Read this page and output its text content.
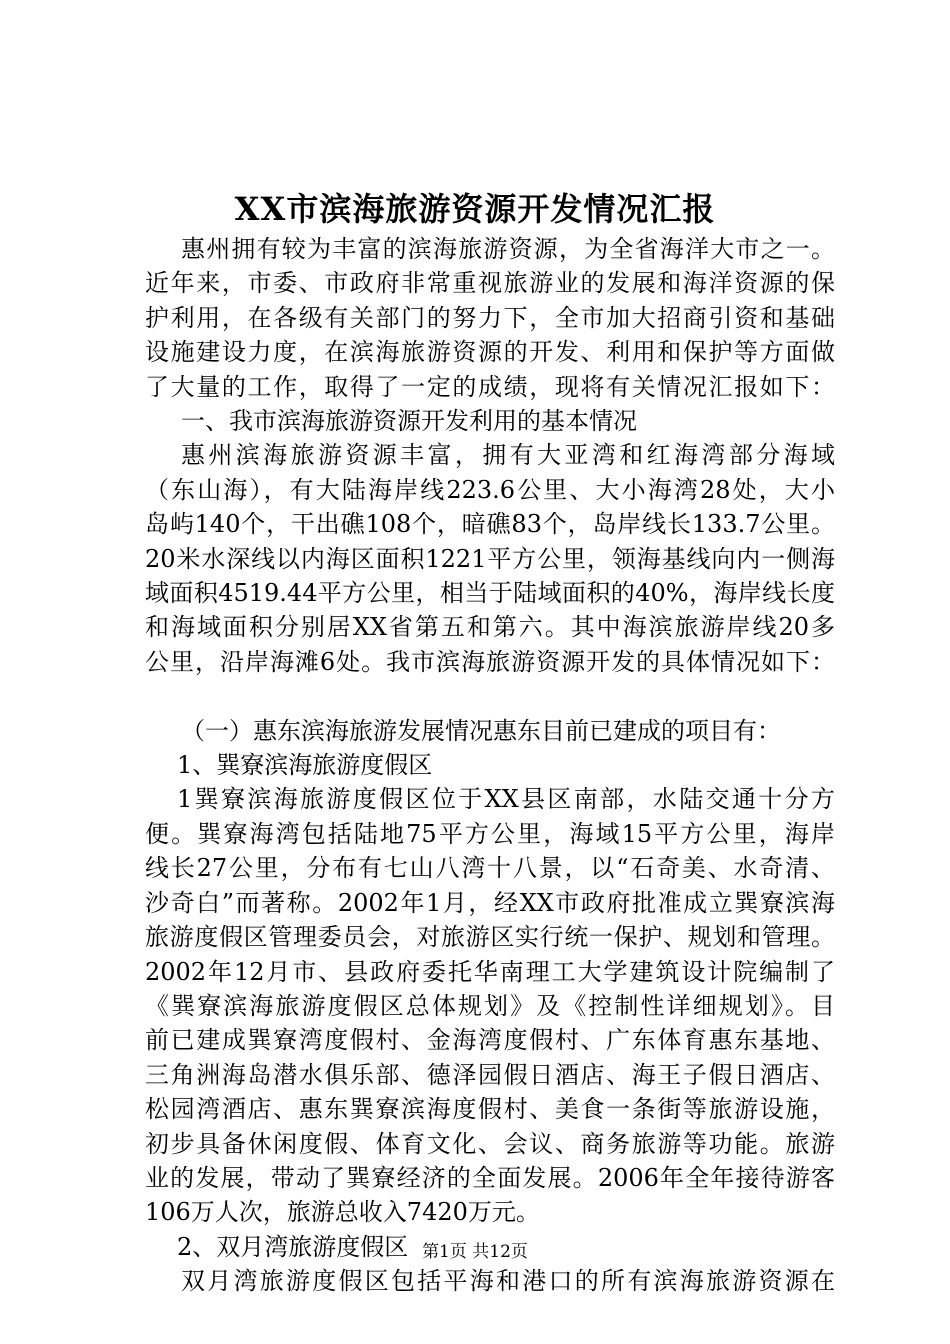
XX市滨海旅游资源开发情况汇报
惠州拥有较为丰富的滨海旅游资源，为全省海洋大市之一。
近年来，市委、市政府非常重视旅游业的发展和海洋资源的保
护利用，在各级有关部门的努力下，全市加大招商引资和基础
设施建设力度，在滨海旅游资源的开发、利用和保护等方面做
了大量的工作，取得了一定的成绩，现将有关情况汇报如下：
一、我市滨海旅游资源开发利用的基本情况
惠州滨海旅游资源丰富，拥有大亚湾和红海湾部分海域
（东山海），有大陆海岸线223.6公里、大小海湾28处，大小
岛屿140个，干出礁108个，暗礁83个，岛岸线长133.7公里。
20米水深线以内海区面积1221平方公里，领海基线向内一侧海
域面积4519.44平方公里，相当于陆域面积的40%，海岸线长度
和海域面积分别居XX省第五和第六。其中海滨旅游岸线20多
公里，沿岸海滩6处。我市滨海旅游资源开发的具体情况如下：
（一）惠东滨海旅游发展情况惠东目前已建成的项目有：
1、巽寮滨海旅游度假区
1巽寮滨海旅游度假区位于XX县区南部，水陆交通十分方
便。巽寮海湾包括陆地75平方公里，海域15平方公里，海岸
线长27公里，分布有七山八湾十八景，以“石奇美、水奇清、
沙奇白”而著称。2002年1月，经XX市政府批准成立巽寮滨海
旅游度假区管理委员会，对旅游区实行统一保护、规划和管理。
2002年12月市、县政府委托华南理工大学建筑设计院编制了
《巽寮滨海旅游度假区总体规划》及《控制性详细规划》。目
前已建成巽寮湾度假村、金海湾度假村、广东体育惠东基地、
三角洲海岛潜水俱乐部、德泽园假日酒店、海王子假日酒店、
松园湾酒店、惠东巽寮滨海度假村、美食一条街等旅游设施，
初步具备休闲度假、体育文化、会议、商务旅游等功能。旅游
业的发展，带动了巽寮经济的全面发展。2006年全年接待游客
106万人次，旅游总收入7420万元。
2、双月湾旅游度假区
双月湾旅游度假区包括平海和港口的所有滨海旅游资源在
第1页 共12页
